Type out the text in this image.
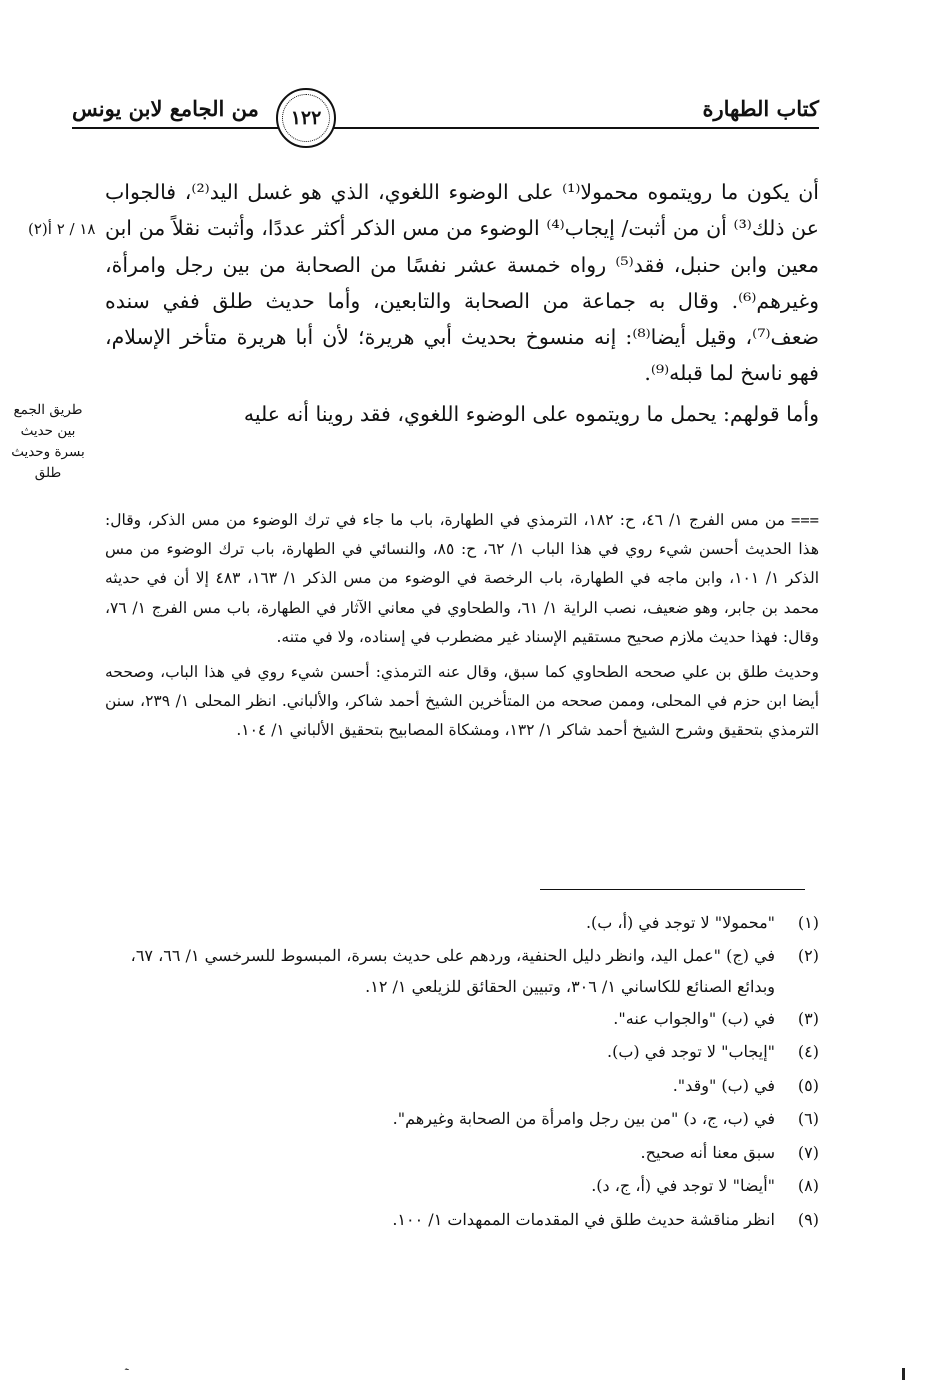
كتاب الطهارة
من الجامع لابن يونس ١٢٢
١٨ / ٢ أ(٢)
طريق الجمع بين حديث بسرة وحديث طلق

أن يكون ما رويتموه محمولا⁽¹⁾ على الوضوء اللغوي، الذي هو غسل اليد⁽²⁾، فالجواب عن ذلك⁽³⁾ أن من أثبت/ إيجاب⁽⁴⁾ الوضوء من مس الذكر أكثر عددًا، وأثبت نقلاً من ابن معين وابن حنبل، فقد⁽⁵⁾ رواه خمسة عشر نفسًا من الصحابة من بين رجل وامرأة، وغيرهم⁽⁶⁾. وقال به جماعة من الصحابة والتابعين، وأما حديث طلق ففي سنده ضعف⁽⁷⁾، وقيل أيضا⁽⁸⁾: إنه منسوخ بحديث أبي هريرة؛ لأن أبا هريرة متأخر الإسلام، فهو ناسخ لما قبله⁽⁹⁾.

وأما قولهم: يحمل ما رويتموه على الوضوء اللغوي، فقد روينا أنه عليه

===من مس الفرج ١/ ٤٦، ح: ١٨٢، الترمذي في الطهارة، باب ما جاء في ترك الوضوء من مس الذكر، وقال: هذا الحديث أحسن شيء روي في هذا الباب ١/ ٦٢، ح: ٨٥، والنسائي في الطهارة، باب ترك الوضوء من مس الذكر ١/ ١٠١، وابن ماجه في الطهارة، باب الرخصة في الوضوء من مس الذكر ١/ ١٦٣، ٤٨٣ إلا أن في حديثه محمد بن جابر، وهو ضعيف، نصب الراية ١/ ٦١، والطحاوي في معاني الآثار في الطهارة، باب مس الفرج ١/ ٧٦، وقال: فهذا حديث ملازم صحيح مستقيم الإسناد غير مضطرب في إسناده، ولا في متنه.

وحديث طلق بن علي صححه الطحاوي كما سبق، وقال عنه الترمذي: أحسن شيء روي في هذا الباب، وصححه أيضا ابن حزم في المحلى، وممن صححه من المتأخرين الشيخ أحمد شاكر، والألباني. انظر المحلى ١/ ٢٣٩، سنن الترمذي بتحقيق وشرح الشيخ أحمد شاكر ١/ ١٣٢، ومشكاة المصابيح بتحقيق الألباني ١/ ١٠٤.

(١)
"محمولا" لا توجد في (أ، ب).
(٢)
في (ج) "عمل اليد، وانظر دليل الحنفية، وردهم على حديث بسرة، المبسوط للسرخسي ١/ ٦٦، ٦٧، وبدائع الصنائع للكاساني ١/ ٣٠٦، وتبيين الحقائق للزيلعي ١/ ١٢.
(٣)
في (ب) "والجواب عنه".
(٤)
"إيجاب" لا توجد في (ب).
(٥)
في (ب) "وقد".
(٦)
في (ب، ج، د) "من بين رجل وامرأة من الصحابة وغيرهم".
(٧)
سبق معنا أنه صحيح.
(٨)
"أيضا" لا توجد في (أ، ج، د).
(٩)
انظر مناقشة حديث طلق في المقدمات الممهدات ١/ ١٠٠.
ˎ
